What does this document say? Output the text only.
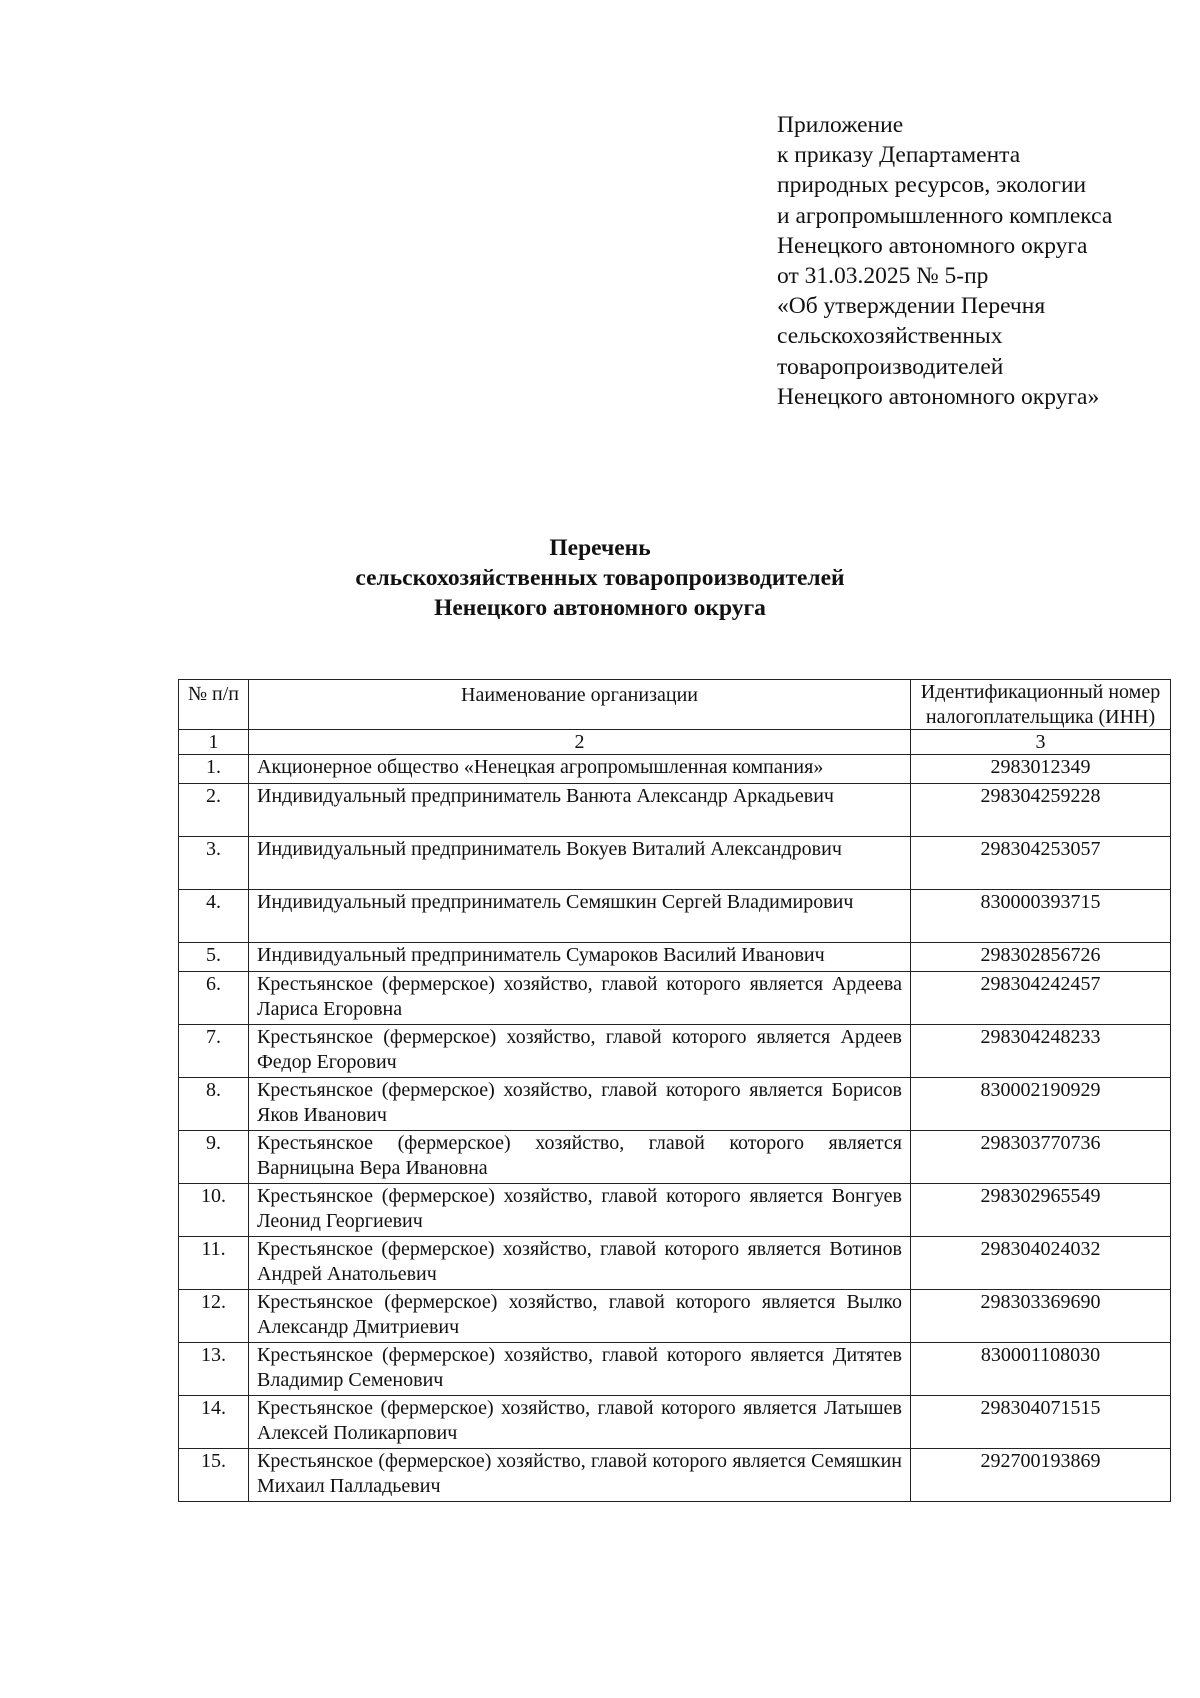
Приложение
к приказу Департамента
природных ресурсов, экологии
и агропромышленного комплекса
Ненецкого автономного округа
от 31.03.2025 № 5-пр
«Об утверждении Перечня
сельскохозяйственных
товаропроизводителей
Ненецкого автономного округа»
Перечень
сельскохозяйственных товаропроизводителей
Ненецкого автономного округа
№ п/п	Наименование организации	Идентификационный номер налогоплательщика (ИНН)
1	2	3
1.	Акционерное общество «Ненецкая агропромышленная компания»	2983012349
2.	Индивидуальный предприниматель Ванюта Александр Аркадьевич	298304259228
3.	Индивидуальный предприниматель Вокуев Виталий Александрович	298304253057
4.	Индивидуальный предприниматель Семяшкин Сергей Владимирович	830000393715
5.	Индивидуальный предприниматель Сумароков Василий Иванович	298302856726
6.	Крестьянское (фермерское) хозяйство, главой которого является Ардеева Лариса Егоровна	298304242457
7.	Крестьянское (фермерское) хозяйство, главой которого является Ардеев Федор Егорович	298304248233
8.	Крестьянское (фермерское) хозяйство, главой которого является Борисов Яков Иванович	830002190929
9.	Крестьянское (фермерское) хозяйство, главой которого является Варницына Вера Ивановна	298303770736
10.	Крестьянское (фермерское) хозяйство, главой которого является Вонгуев Леонид Георгиевич	298302965549
11.	Крестьянское (фермерское) хозяйство, главой которого является Вотинов Андрей Анатольевич	298304024032
12.	Крестьянское (фермерское) хозяйство, главой которого является Вылко Александр Дмитриевич	298303369690
13.	Крестьянское (фермерское) хозяйство, главой которого является Дитятев Владимир Семенович	830001108030
14.	Крестьянское (фермерское) хозяйство, главой которого является Латышев Алексей Поликарпович	298304071515
15.	Крестьянское (фермерское) хозяйство, главой которого является Семяшкин Михаил Палладьевич	292700193869
